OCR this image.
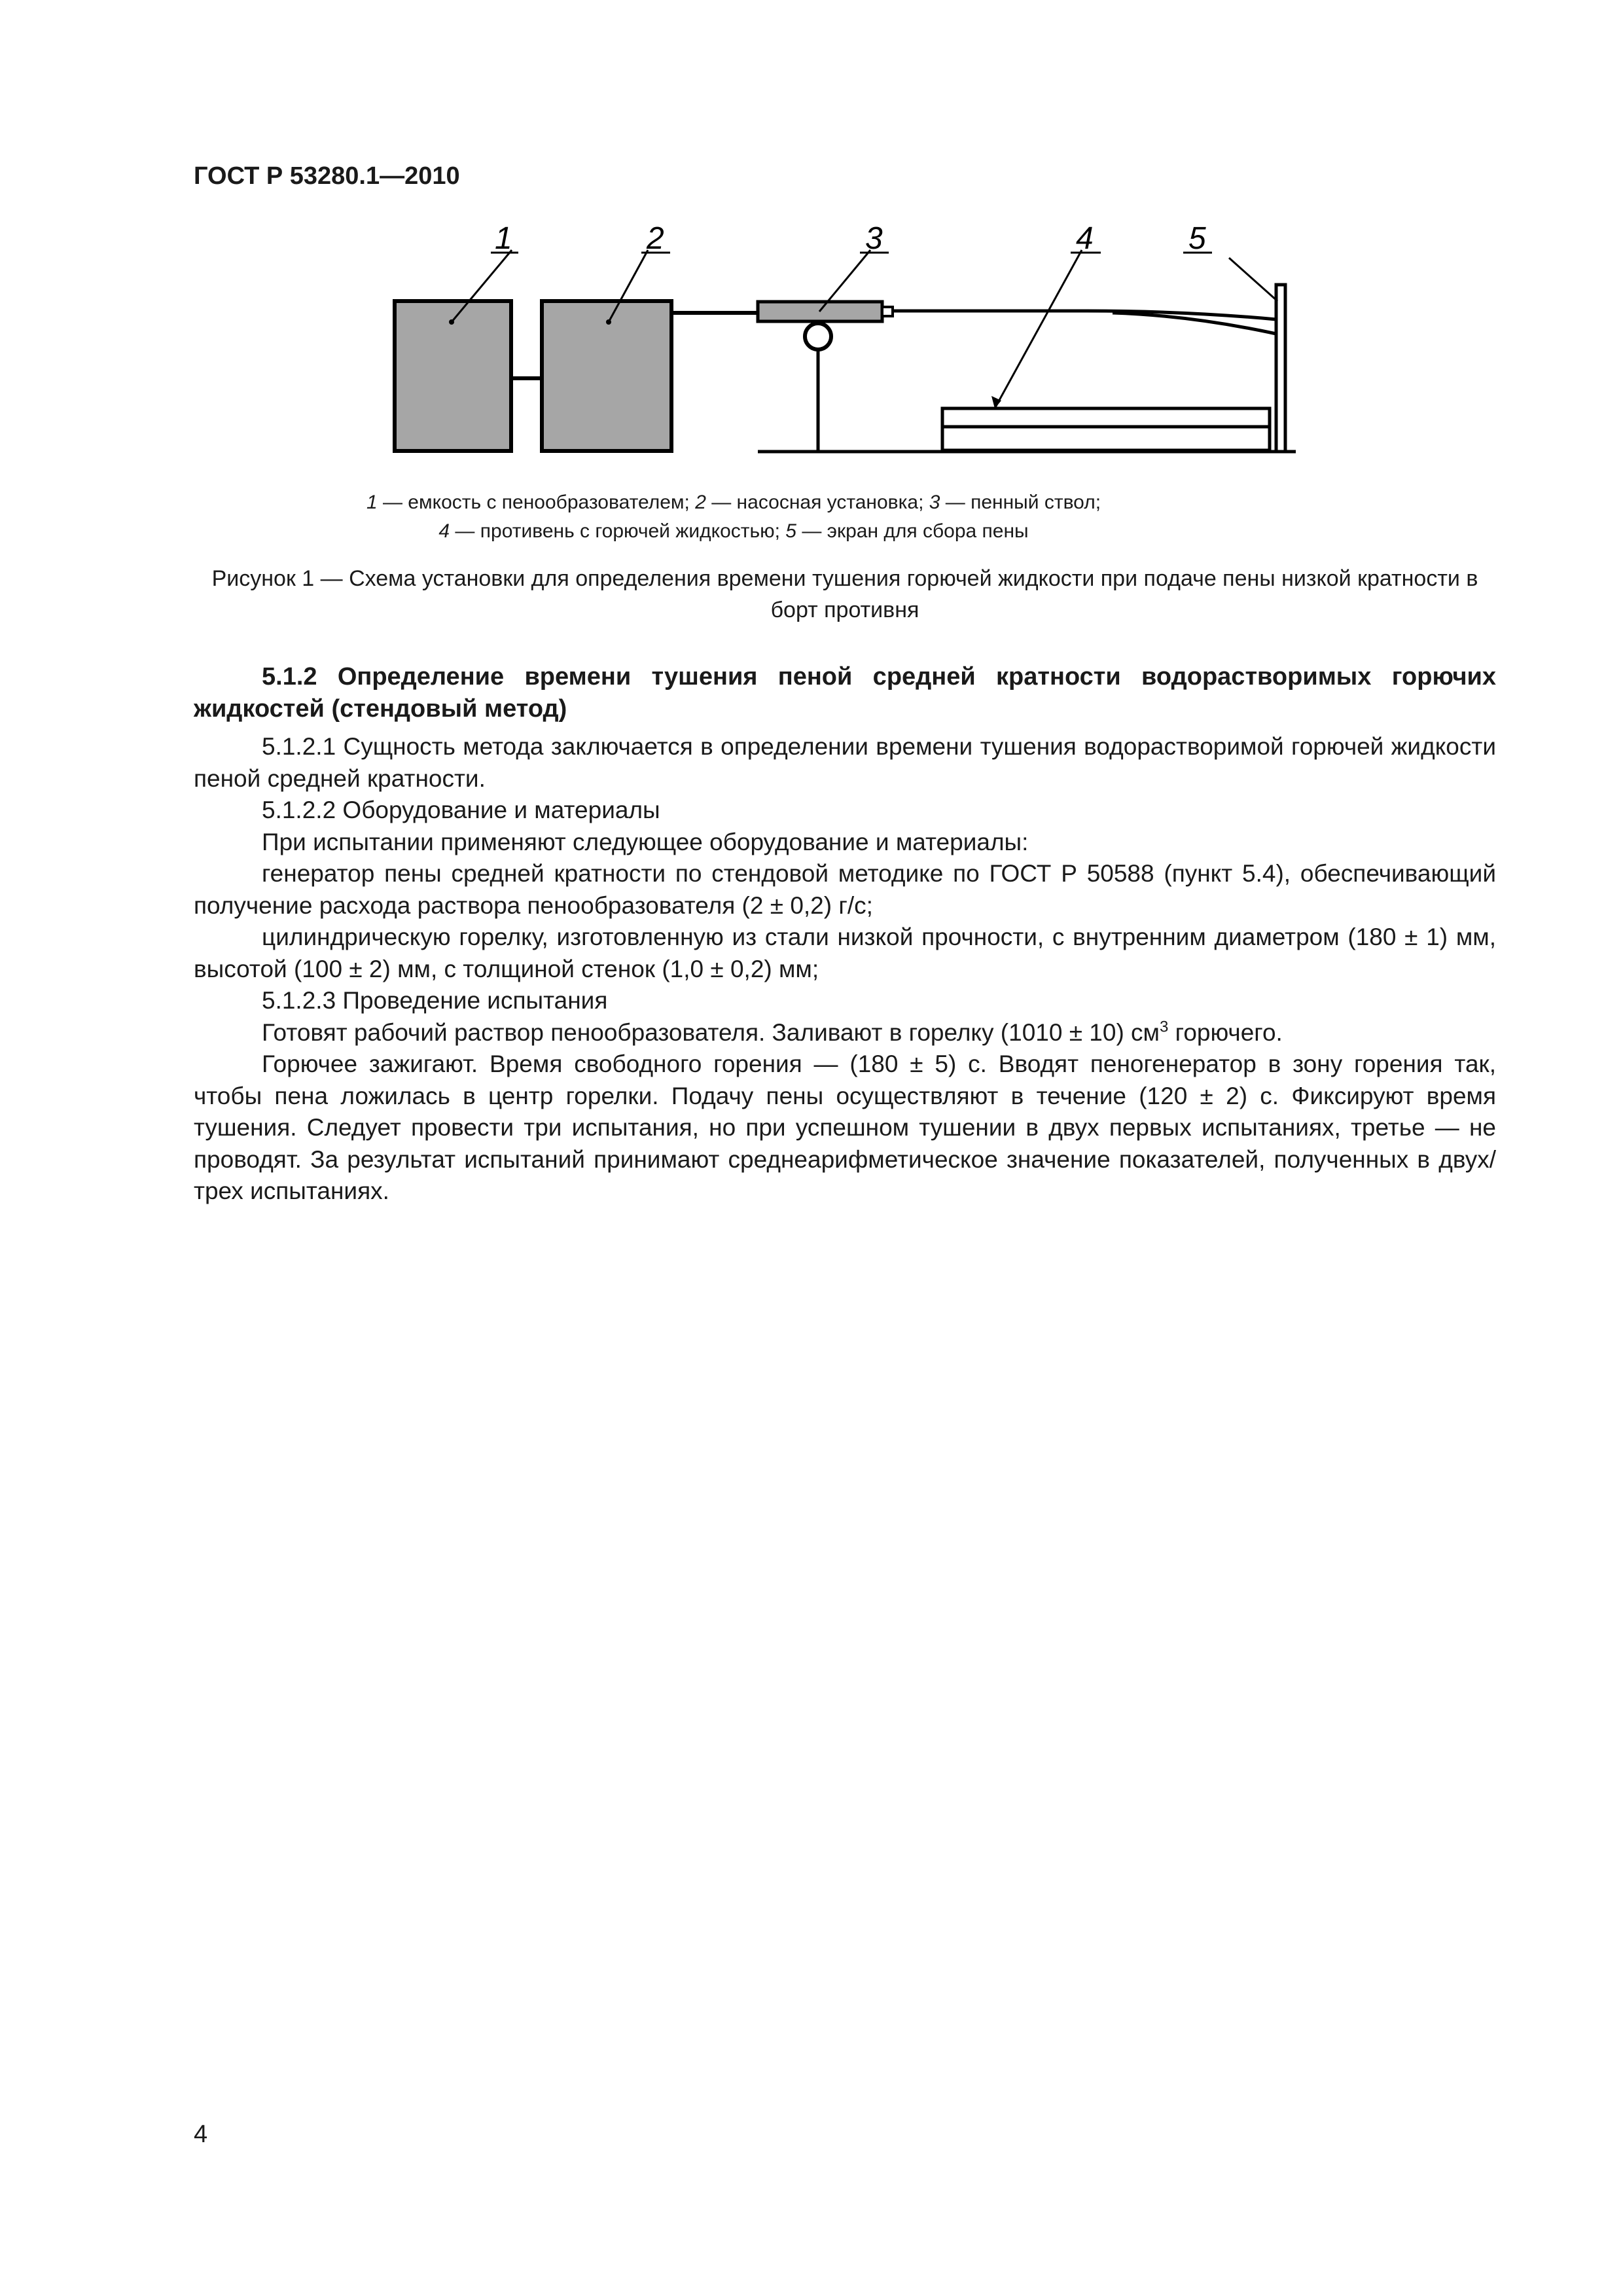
ГОСТ Р 53280.1—2010
1	2	3	4	5
1 — емкость с пенообразователем; 2 — насосная установка; 3 — пенный ствол;
4 — противень с горючей жидкостью; 5 — экран для сбора пены
Рисунок 1 — Схема установки для определения времени тушения горючей жидкости при подаче пены низкой кратности в борт противня

5.1.2 Определение времени тушения пеной средней кратности водорастворимых горючих жидкостей (стендовый метод)

5.1.2.1 Сущность метода заключается в определении времени тушения водорастворимой горючей жидкости пеной средней кратности.

5.1.2.2 Оборудование и материалы

При испытании применяют следующее оборудование и материалы:

генератор пены средней кратности по стендовой методике по ГОСТ Р 50588 (пункт 5.4), обеспечивающий получение расхода раствора пенообразователя (2 ± 0,2) г/с;

цилиндрическую горелку, изготовленную из стали низкой прочности, с внутренним диаметром (180 ± 1) мм, высотой (100 ± 2) мм, с толщиной стенок (1,0 ± 0,2) мм;

5.1.2.3 Проведение испытания

Готовят рабочий раствор пенообразователя. Заливают в горелку (1010 ± 10) $см^3$ горючего.

Горючее зажигают. Время свободного горения — (180 ± 5) с. Вводят пеногенератор в зону горения так, чтобы пена ложилась в центр горелки. Подачу пены осуществляют в течение (120 ± 2) с. Фиксируют время тушения. Следует провести три испытания, но при успешном тушении в двух первых испытаниях, третье — не проводят. За результат испытаний принимают среднеарифметическое значение показателей, полученных в двух/трех испытаниях.

4
